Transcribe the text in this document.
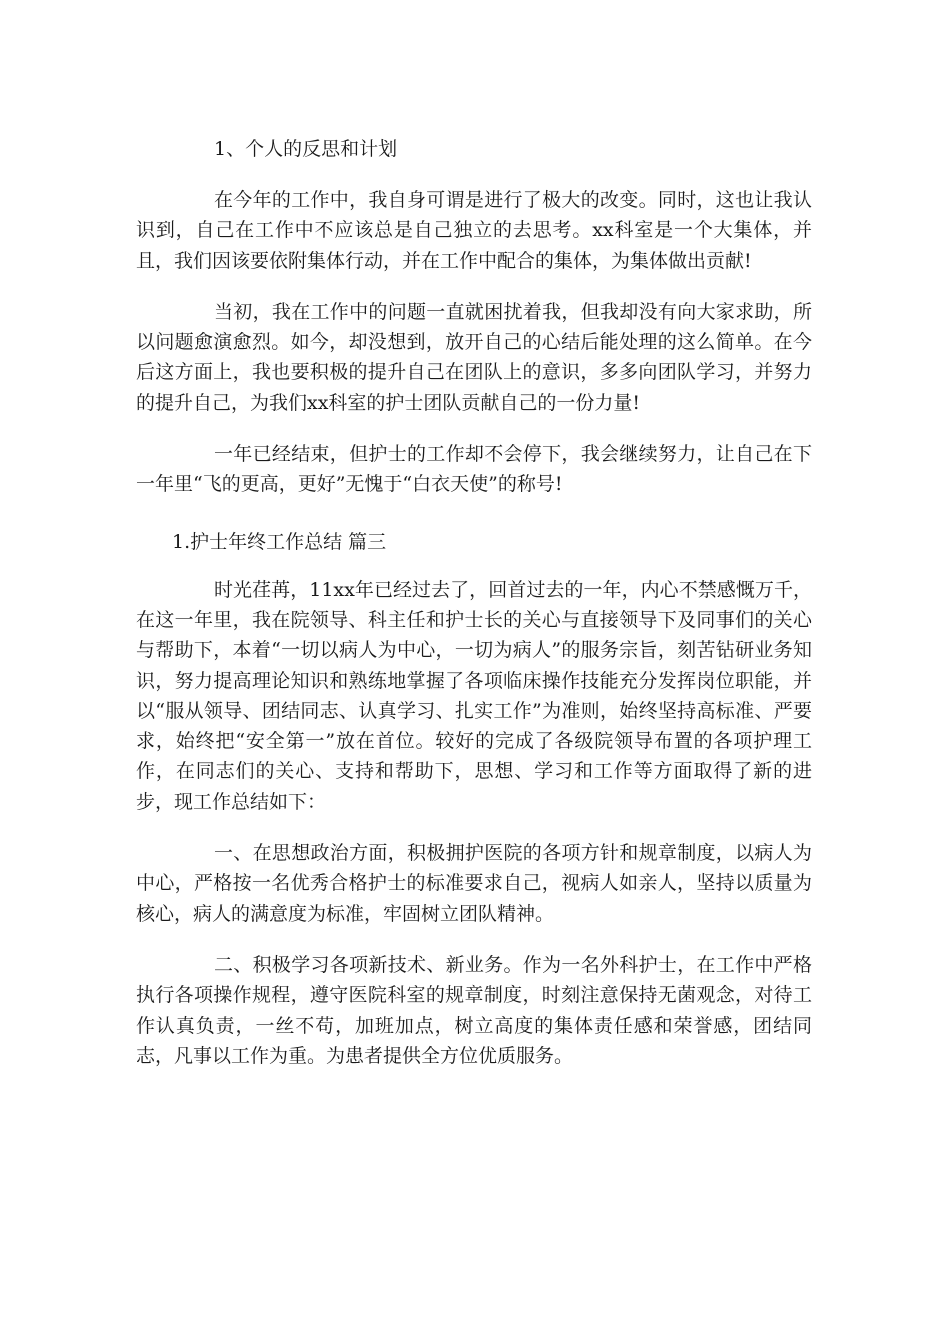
1、个人的反思和计划

在今年的工作中，我自身可谓是进行了极大的改变。同时，这也让我认识到，自己在工作中不应该总是自己独立的去思考。xx科室是一个大集体，并且，我们因该要依附集体行动，并在工作中配合的集体，为集体做出贡献!

当初，我在工作中的问题一直就困扰着我，但我却没有向大家求助，所以问题愈演愈烈。如今，却没想到，放开自己的心结后能处理的这么简单。在今后这方面上，我也要积极的提升自己在团队上的意识，多多向团队学习，并努力的提升自己，为我们xx科室的护士团队贡献自己的一份力量!

一年已经结束，但护士的工作却不会停下，我会继续努力，让自己在下一年里“飞的更高，更好”无愧于“白衣天使”的称号!

1.护士年终工作总结 篇三

时光荏苒，11xx年已经过去了，回首过去的一年，内心不禁感慨万千，在这一年里，我在院领导、科主任和护士长的关心与直接领导下及同事们的关心与帮助下，本着“一切以病人为中心，一切为病人”的服务宗旨，刻苦钻研业务知识，努力提高理论知识和熟练地掌握了各项临床操作技能充分发挥岗位职能，并以“服从领导、团结同志、认真学习、扎实工作”为准则，始终坚持高标准、严要求，始终把“安全第一”放在首位。较好的完成了各级院领导布置的各项护理工作，在同志们的关心、支持和帮助下，思想、学习和工作等方面取得了新的进步，现工作总结如下：

一、在思想政治方面，积极拥护医院的各项方针和规章制度，以病人为中心，严格按一名优秀合格护士的标准要求自己，视病人如亲人，坚持以质量为核心，病人的满意度为标准，牢固树立团队精神。

二、积极学习各项新技术、新业务。作为一名外科护士，在工作中严格执行各项操作规程，遵守医院科室的规章制度，时刻注意保持无菌观念，对待工作认真负责，一丝不苟，加班加点，树立高度的集体责任感和荣誉感，团结同志，凡事以工作为重。为患者提供全方位优质服务。
